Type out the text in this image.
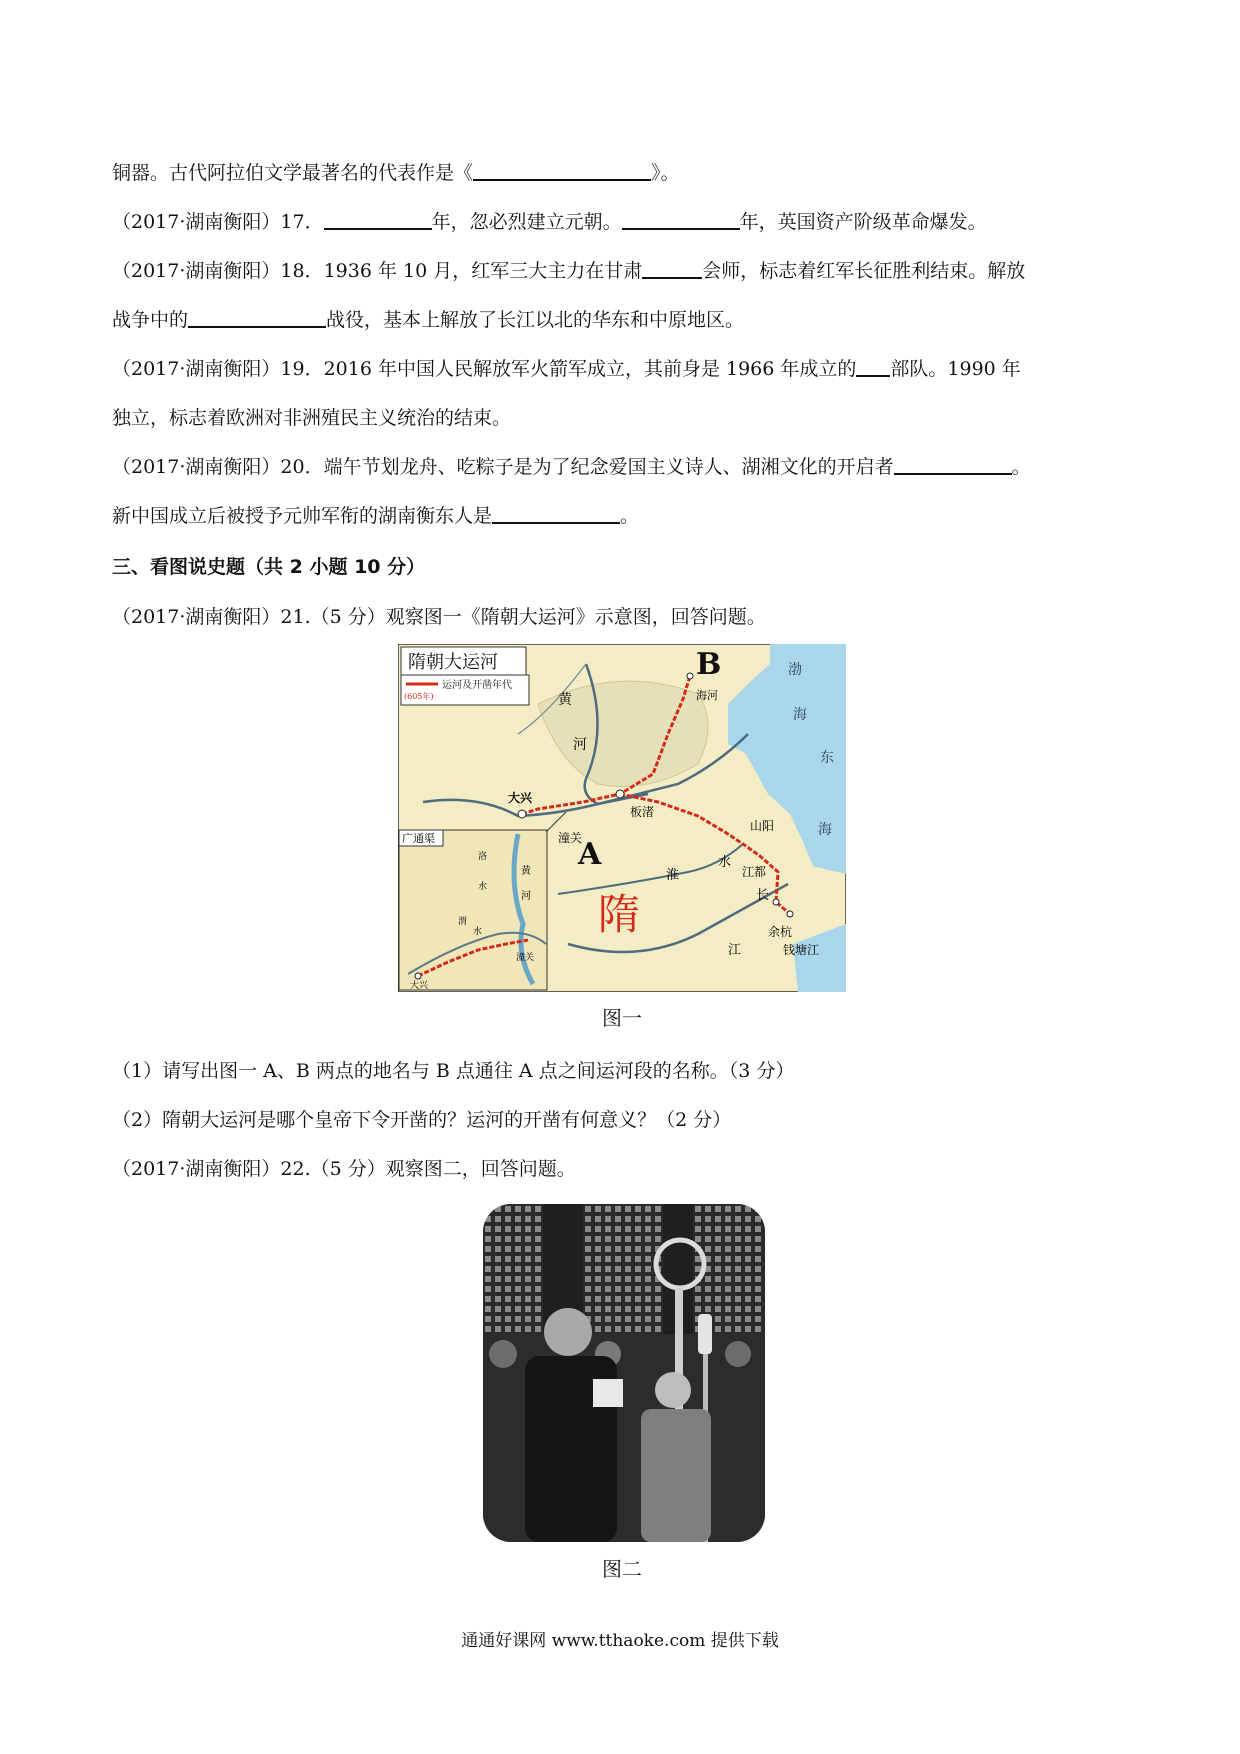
铜器。古代阿拉伯文学最著名的代表作是《	》。
（2017·湖南衡阳）17．	年，忽必烈建立元朝。	年，英国资产阶级革命爆发。
（2017·湖南衡阳）18．1936 年 10 月，红军三大主力在甘肃	会师，标志着红军长征胜利结束。解放
战争中的	战役，基本上解放了长江以北的华东和中原地区。
（2017·湖南衡阳）19．2016 年中国人民解放军火箭军成立，其前身是 1966 年成立的 部队。1990 年
独立，标志着欧洲对非洲殖民主义统治的结束。
（2017·湖南衡阳）20．端午节划龙舟、吃粽子是为了纪念爱国主义诗人、湖湘文化的开启者	。
新中国成立后被授予元帅军衔的湖南衡东人是	。
三、看图说史题（共 2 小题 10 分）
（2017·湖南衡阳）21.（5 分）观察图一《隋朝大运河》示意图，回答问题。
隋朝大运河
(605年)
运河及开凿年代
B
A
隋
海河
渤
海
黄
河
东
海
大兴
潼关
板渚
山阳
江都
余杭
钱塘江
淮
水
长
江
广通渠
洛
水
渭
水
黄
河
潼关
大兴
图一
（1）请写出图一 A、B 两点的地名与 B 点通往 A 点之间运河段的名称。（3 分）
（2）隋朝大运河是哪个皇帝下令开凿的？运河的开凿有何意义？（2 分）
（2017·湖南衡阳）22.（5 分）观察图二，回答问题。
图二
通通好课网 www.tthaoke.com 提供下载
